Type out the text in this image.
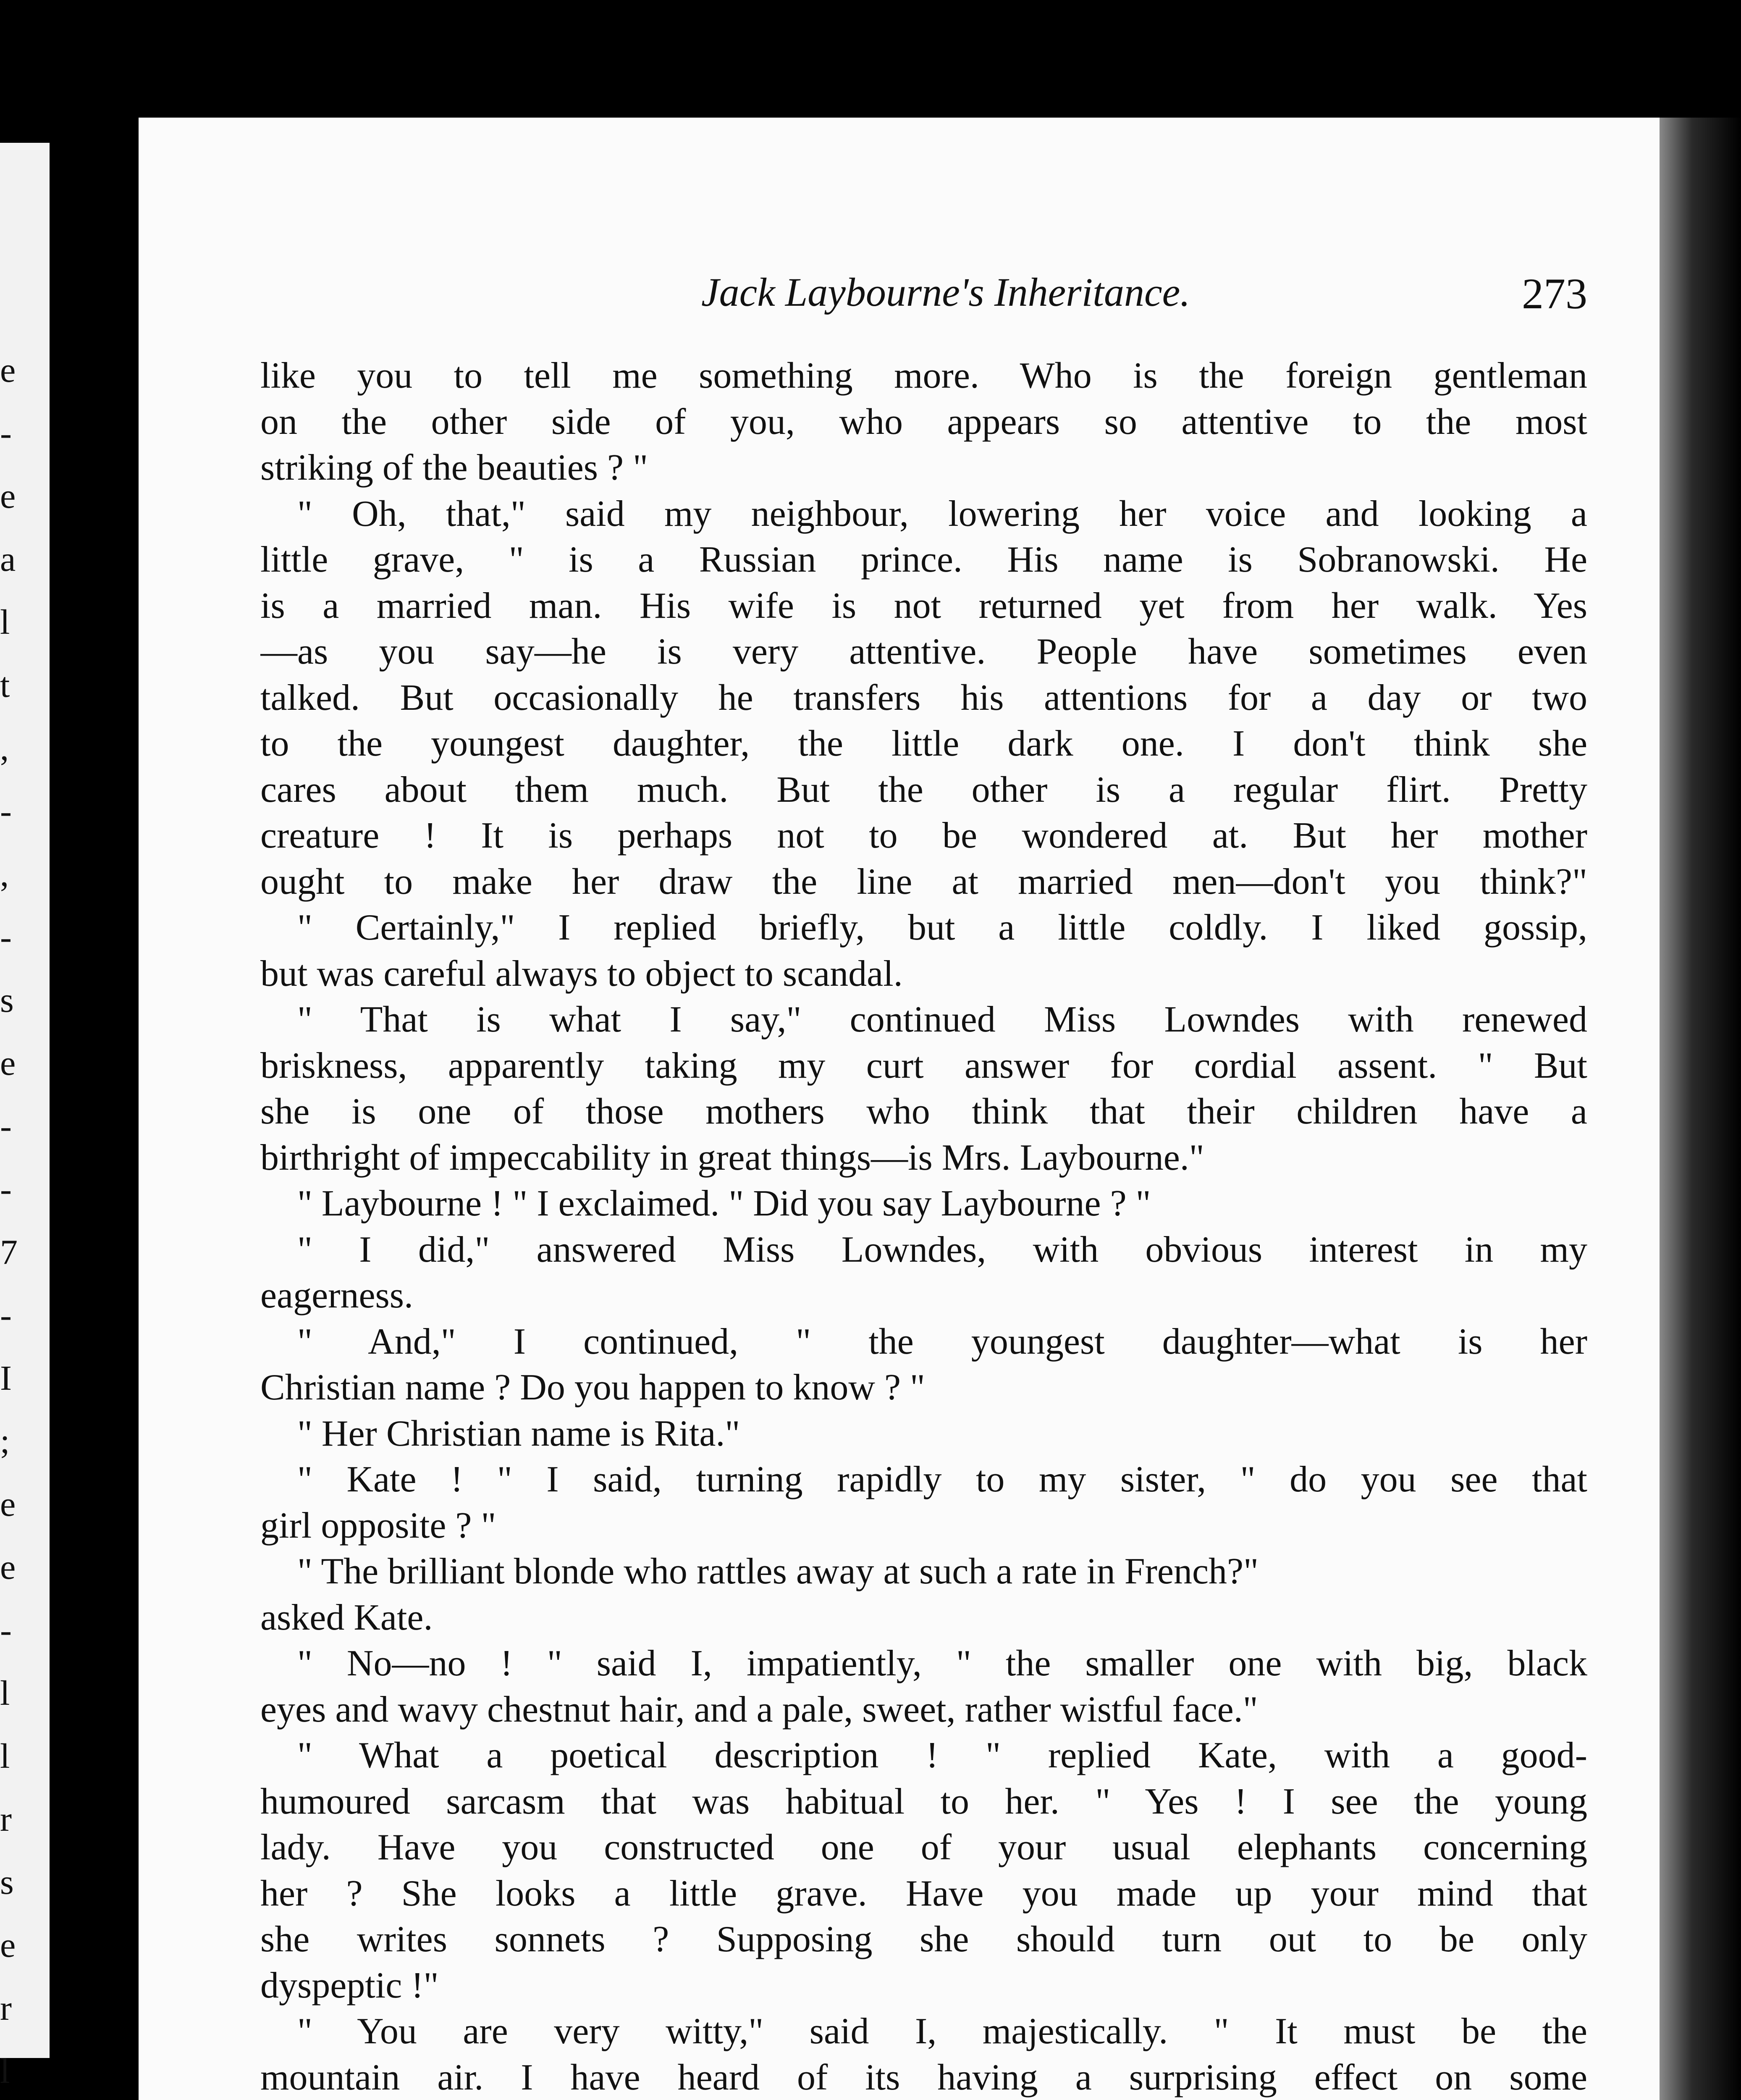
e
-
e
a
l
t
,
-
,
-
s
e
-
-
7
-
I
;
e
e
-
l
l
r
s
e
r
l
Jack Laybourne's Inheritance.	273
like you to tell me something more. Who is the foreign gentleman
on the other side of you, who appears so attentive to the most
striking of the beauties ? "
" Oh, that," said my neighbour, lowering her voice and looking a
little grave, " is a Russian prince. His name is Sobranowski. He
is a married man. His wife is not returned yet from her walk. Yes
—as you say—he is very attentive. People have sometimes even
talked. But occasionally he transfers his attentions for a day or two
to the youngest daughter, the little dark one. I don't think she
cares about them much. But the other is a regular flirt. Pretty
creature ! It is perhaps not to be wondered at. But her mother
ought to make her draw the line at married men—don't you think?"
" Certainly," I replied briefly, but a little coldly. I liked gossip,
but was careful always to object to scandal.
" That is what I say," continued Miss Lowndes with renewed
briskness, apparently taking my curt answer for cordial assent. " But
she is one of those mothers who think that their children have a
birthright of impeccability in great things—is Mrs. Laybourne."
" Laybourne ! " I exclaimed. " Did you say Laybourne ? "
" I did," answered Miss Lowndes, with obvious interest in my
eagerness.
" And," I continued, " the youngest daughter—what is her
Christian name ? Do you happen to know ? "
" Her Christian name is Rita."
" Kate ! " I said, turning rapidly to my sister, " do you see that
girl opposite ? "
" The brilliant blonde who rattles away at such a rate in French?"
asked Kate.
" No—no ! " said I, impatiently, " the smaller one with big, black
eyes and wavy chestnut hair, and a pale, sweet, rather wistful face."
" What a poetical description ! " replied Kate, with a good-
humoured sarcasm that was habitual to her. " Yes ! I see the young
lady. Have you constructed one of your usual elephants concerning
her ? She looks a little grave. Have you made up your mind that
she writes sonnets ? Supposing she should turn out to be only
dyspeptic !"
" You are very witty," said I, majestically. " It must be the
mountain air. I have heard of its having a surprising effect on some
